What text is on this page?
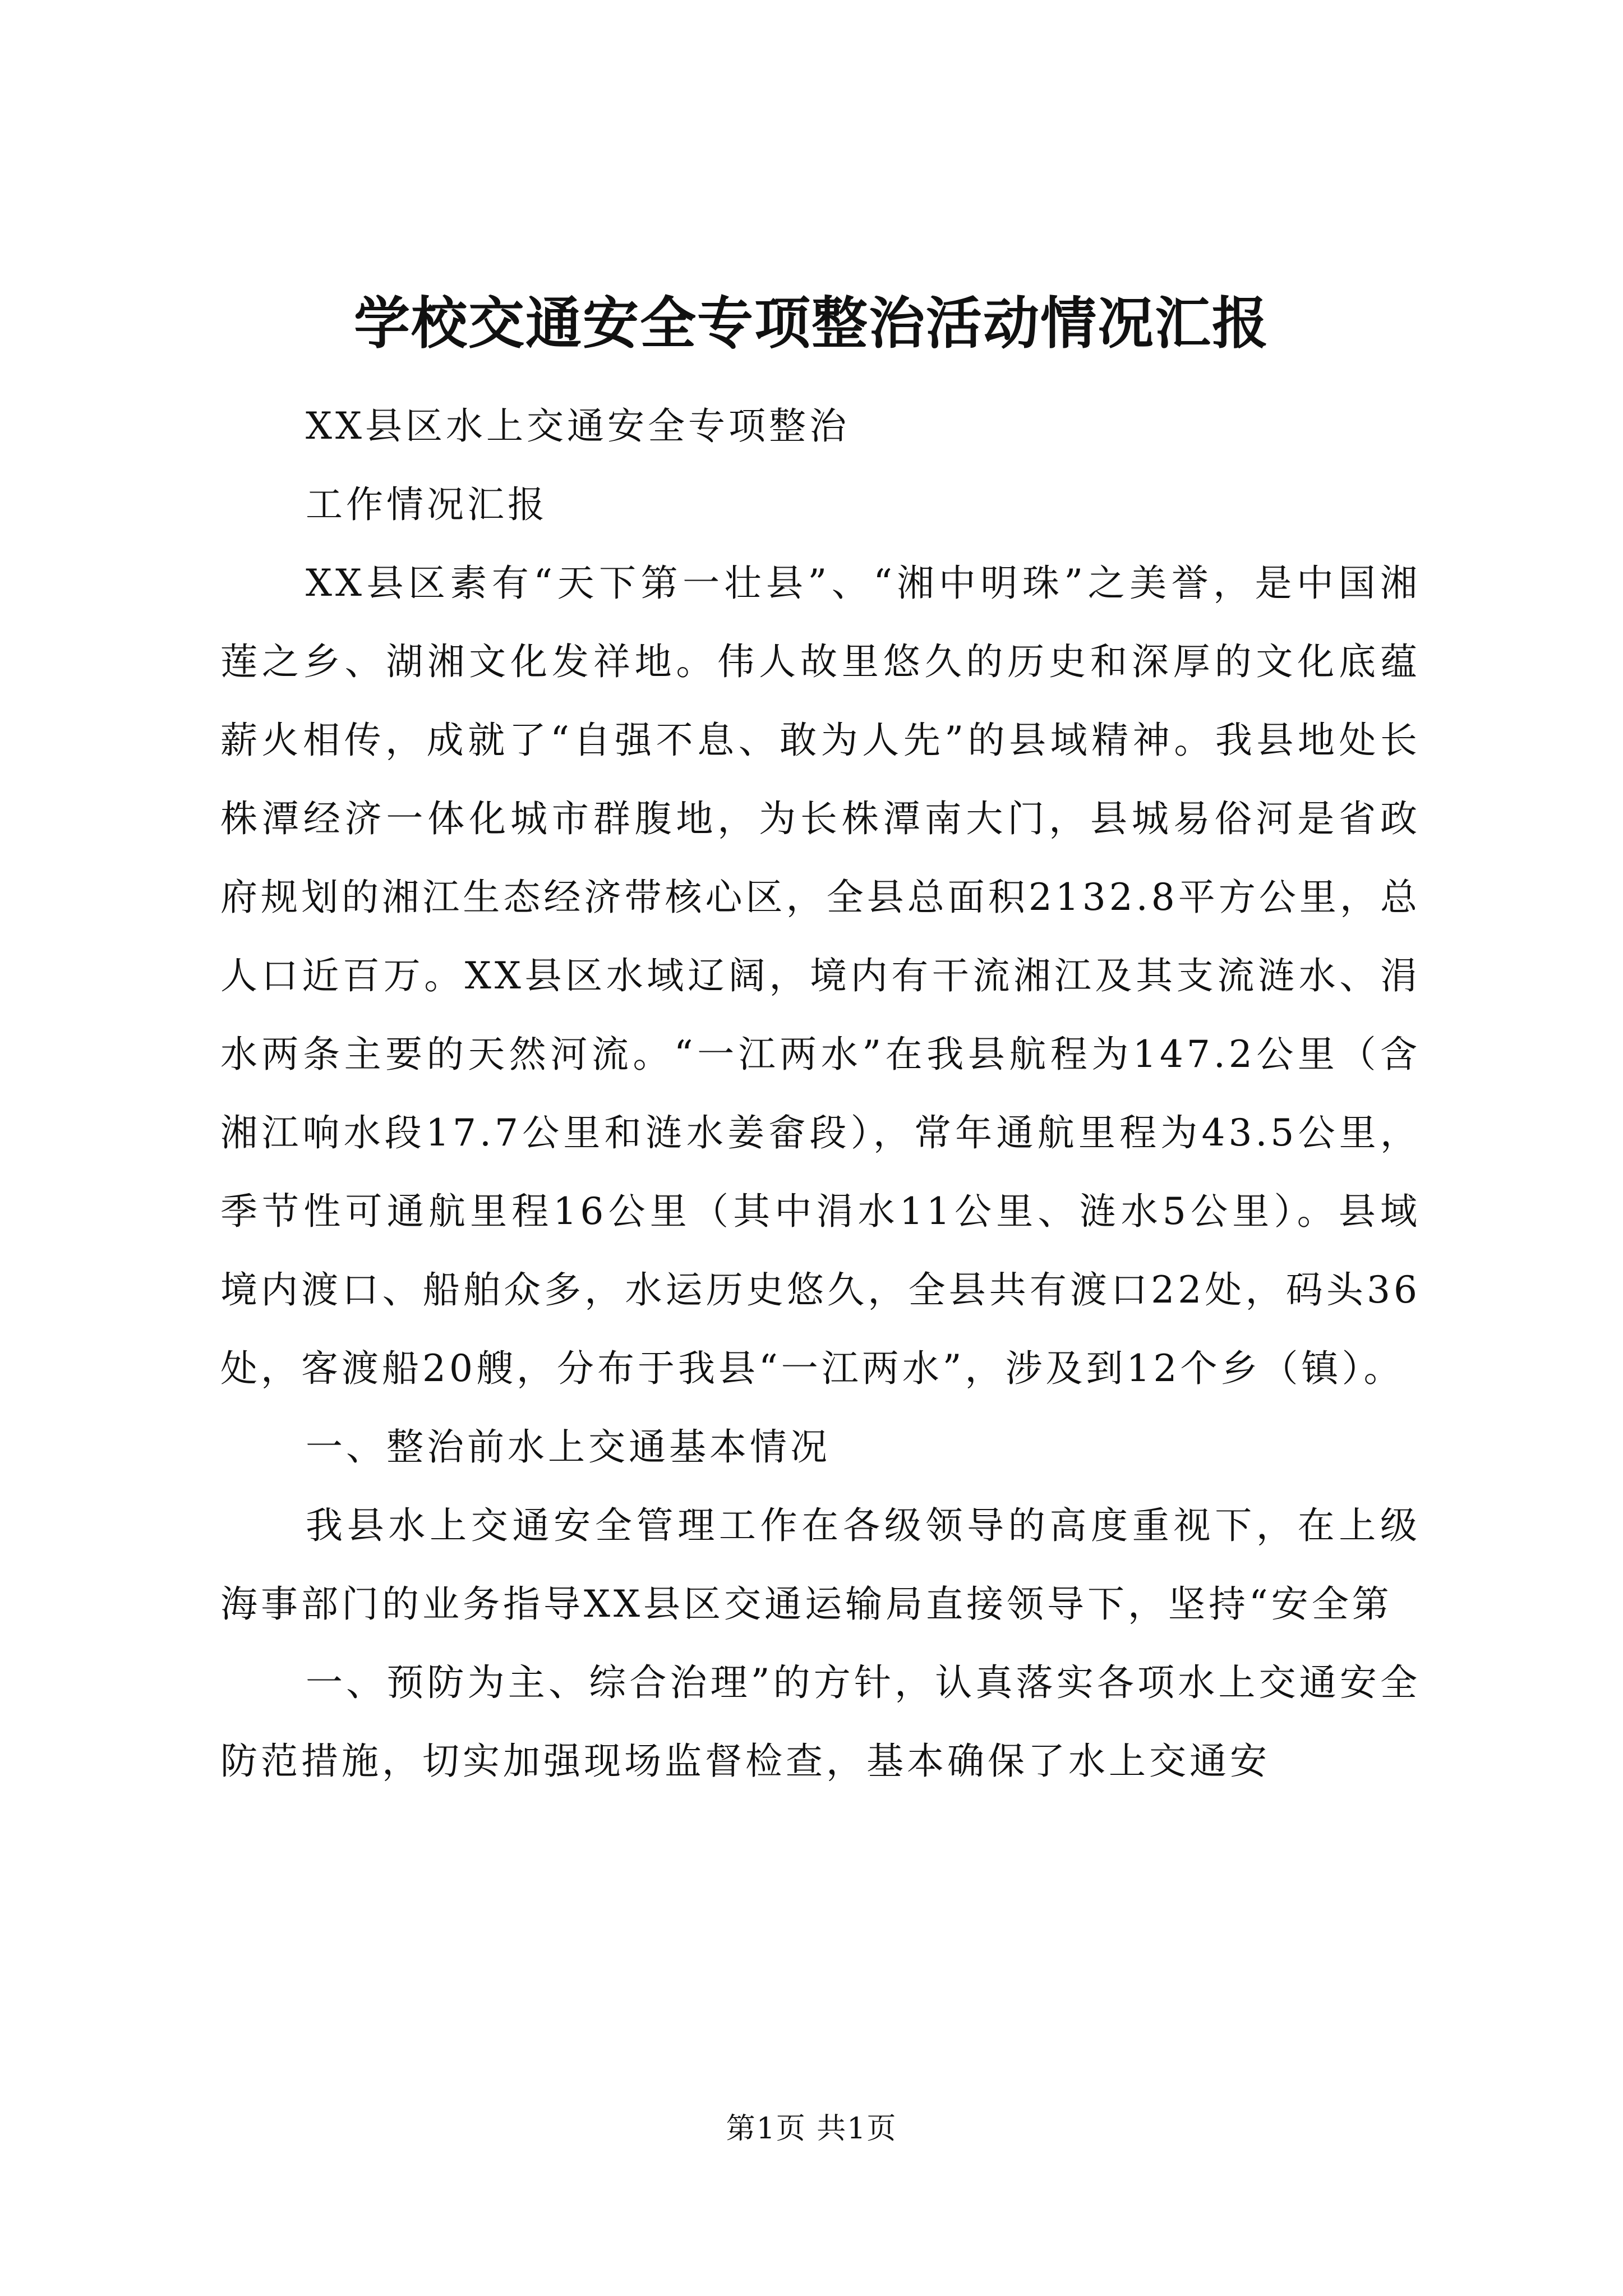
学校交通安全专项整治活动情况汇报

XX县区水上交通安全专项整治

工作情况汇报

XX县区素有“天下第一壮县”、“湘中明珠”之美誉，是中国湘莲之乡、湖湘文化发祥地。伟人故里悠久的历史和深厚的文化底蕴薪火相传，成就了“自强不息、敢为人先”的县域精神。我县地处长株潭经济一体化城市群腹地，为长株潭南大门，县城易俗河是省政府规划的湘江生态经济带核心区，全县总面积2132.8平方公里，总人口近百万。XX县区水域辽阔，境内有干流湘江及其支流涟水、涓水两条主要的天然河流。“一江两水”在我县航程为147.2公里（含湘江响水段17.7公里和涟水姜畲段），常年通航里程为43.5公里，季节性可通航里程16公里（其中涓水11公里、涟水5公里）。县域境内渡口、船舶众多，水运历史悠久，全县共有渡口22处，码头36处，客渡船20艘，分布于我县“一江两水”，涉及到12个乡（镇）。

一、整治前水上交通基本情况

我县水上交通安全管理工作在各级领导的高度重视下，在上级海事部门的业务指导XX县区交通运输局直接领导下，坚持“安全第

一、预防为主、综合治理”的方针，认真落实各项水上交通安全防范措施，切实加强现场监督检查，基本确保了水上交通安

第1页 共1页
